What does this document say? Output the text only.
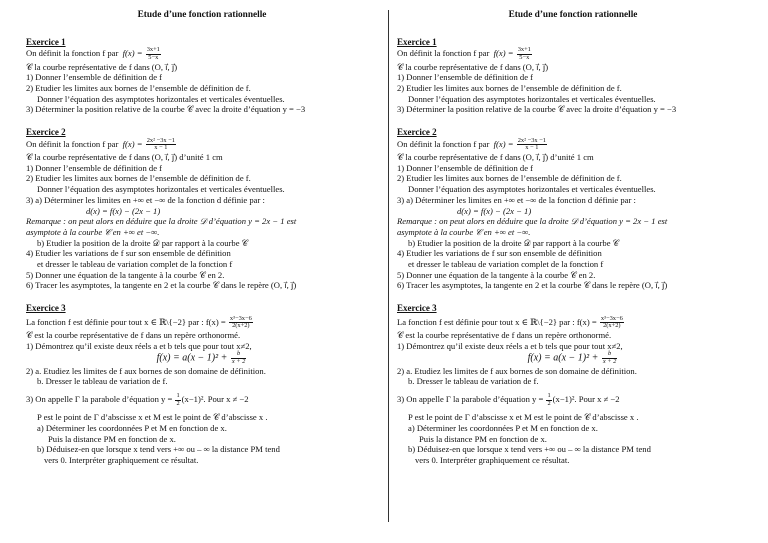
Etude d’une fonction rationnelle
Exercice 1
On définit la fonction f par $f(x) = \frac{3x+1}{5-x}$
𝒞 la courbe représentative de f dans (O, i⃗, j⃗)
1) Donner l’ensemble de définition de f
2) Etudier les limites aux bornes de l’ensemble de définition de f.
Donner l’équation des asymptotes horizontales et verticales éventuelles.
3) Déterminer la position relative de la courbe 𝒞 avec la droite d’équation y = −3
Exercice 2
On définit la fonction f par $f(x) = \frac{\text{2x² −3x −1}}{x - 1}$
𝒞 la courbe représentative de f dans (O, i⃗, j⃗) d’unité 1 cm
1) Donner l’ensemble de définition de f
2) Etudier les limites aux bornes de l’ensemble de définition de f.
Donner l’équation des asymptotes horizontales et verticales éventuelles.
3) a) Déterminer les limites en +∞ et −∞ de la fonction d définie par :
d(x) = f(x) − (2x − 1)
Remarque : on peut alors en déduire que la droite 𝒟 d’équation y = 2x − 1 est
asymptote à la courbe 𝒞 en +∞ et −∞.
b) Etudier la position de la droite 𝒟 par rapport à la courbe 𝒞
4) Etudier les variations de f sur son ensemble de définition
et dresser le tableau de variation complet de la fonction f
5) Donner une équation de la tangente à la courbe 𝒞 en 2.
6) Tracer les asymptotes, la tangente en 2 et la courbe 𝒞 dans le repère (O, i⃗, j⃗)
Exercice 3
La fonction f est définie pour tout x ∈ ℝ\{−2} par : $f(x) = \frac{\text{x³−3x−6}}{2(x+2)}$
𝒞 est la courbe représentative de f dans un repère orthonormé.
1) Démontrez qu’il existe deux réels a et b tels que pour tout x≠2,
$f(x) = a(x - 1)^2 + \frac{b}{x + 2}$
2) a. Etudiez les limites de f aux bornes de son domaine de définition.
b. Dresser le tableau de variation de f.
3) On appelle Γ la parabole d’équation $y = \frac{1}{2} (x-1)^2$. Pour x ≠ −2
P est le point de Γ d’abscisse x et M est le point de 𝒞 d’abscisse x .
a) Déterminer les coordonnées P et M en fonction de x.
Puis la distance PM en fonction de x.
b) Déduisez-en que lorsque x tend vers +∞ ou – ∞ la distance PM tend
vers 0. Interpréter graphiquement ce résultat.
Etude d’une fonction rationnelle
Exercice 1
On définit la fonction f par $f(x) = \frac{3x+1}{5-x}$
𝒞 la courbe représentative de f dans (O, i⃗, j⃗)
1) Donner l’ensemble de définition de f
2) Etudier les limites aux bornes de l’ensemble de définition de f.
Donner l’équation des asymptotes horizontales et verticales éventuelles.
3) Déterminer la position relative de la courbe 𝒞 avec la droite d’équation y = −3
Exercice 2
On définit la fonction f par $f(x) = \frac{\text{2x² −3x −1}}{x - 1}$
𝒞 la courbe représentative de f dans (O, i⃗, j⃗) d’unité 1 cm
1) Donner l’ensemble de définition de f
2) Etudier les limites aux bornes de l’ensemble de définition de f.
Donner l’équation des asymptotes horizontales et verticales éventuelles.
3) a) Déterminer les limites en +∞ et −∞ de la fonction d définie par :
d(x) = f(x) − (2x − 1)
Remarque : on peut alors en déduire que la droite 𝒟 d’équation y = 2x − 1 est
asymptote à la courbe 𝒞 en +∞ et −∞.
b) Etudier la position de la droite 𝒟 par rapport à la courbe 𝒞
4) Etudier les variations de f sur son ensemble de définition
et dresser le tableau de variation complet de la fonction f
5) Donner une équation de la tangente à la courbe 𝒞 en 2.
6) Tracer les asymptotes, la tangente en 2 et la courbe 𝒞 dans le repère (O, i⃗, j⃗)
Exercice 3
La fonction f est définie pour tout x ∈ ℝ\{−2} par : $f(x) = \frac{\text{x³−3x−6}}{2(x+2)}$
𝒞 est la courbe représentative de f dans un repère orthonormé.
1) Démontrez qu’il existe deux réels a et b tels que pour tout x≠2,
$f(x) = a(x - 1)^2 + \frac{b}{x + 2}$
2) a. Etudiez les limites de f aux bornes de son domaine de définition.
b. Dresser le tableau de variation de f.
3) On appelle Γ la parabole d’équation $y = \frac{1}{2} (x-1)^2$. Pour x ≠ −2
P est le point de Γ d’abscisse x et M est le point de 𝒞 d’abscisse x .
a) Déterminer les coordonnées P et M en fonction de x.
Puis la distance PM en fonction de x.
b) Déduisez-en que lorsque x tend vers +∞ ou – ∞ la distance PM tend
vers 0. Interpréter graphiquement ce résultat.
